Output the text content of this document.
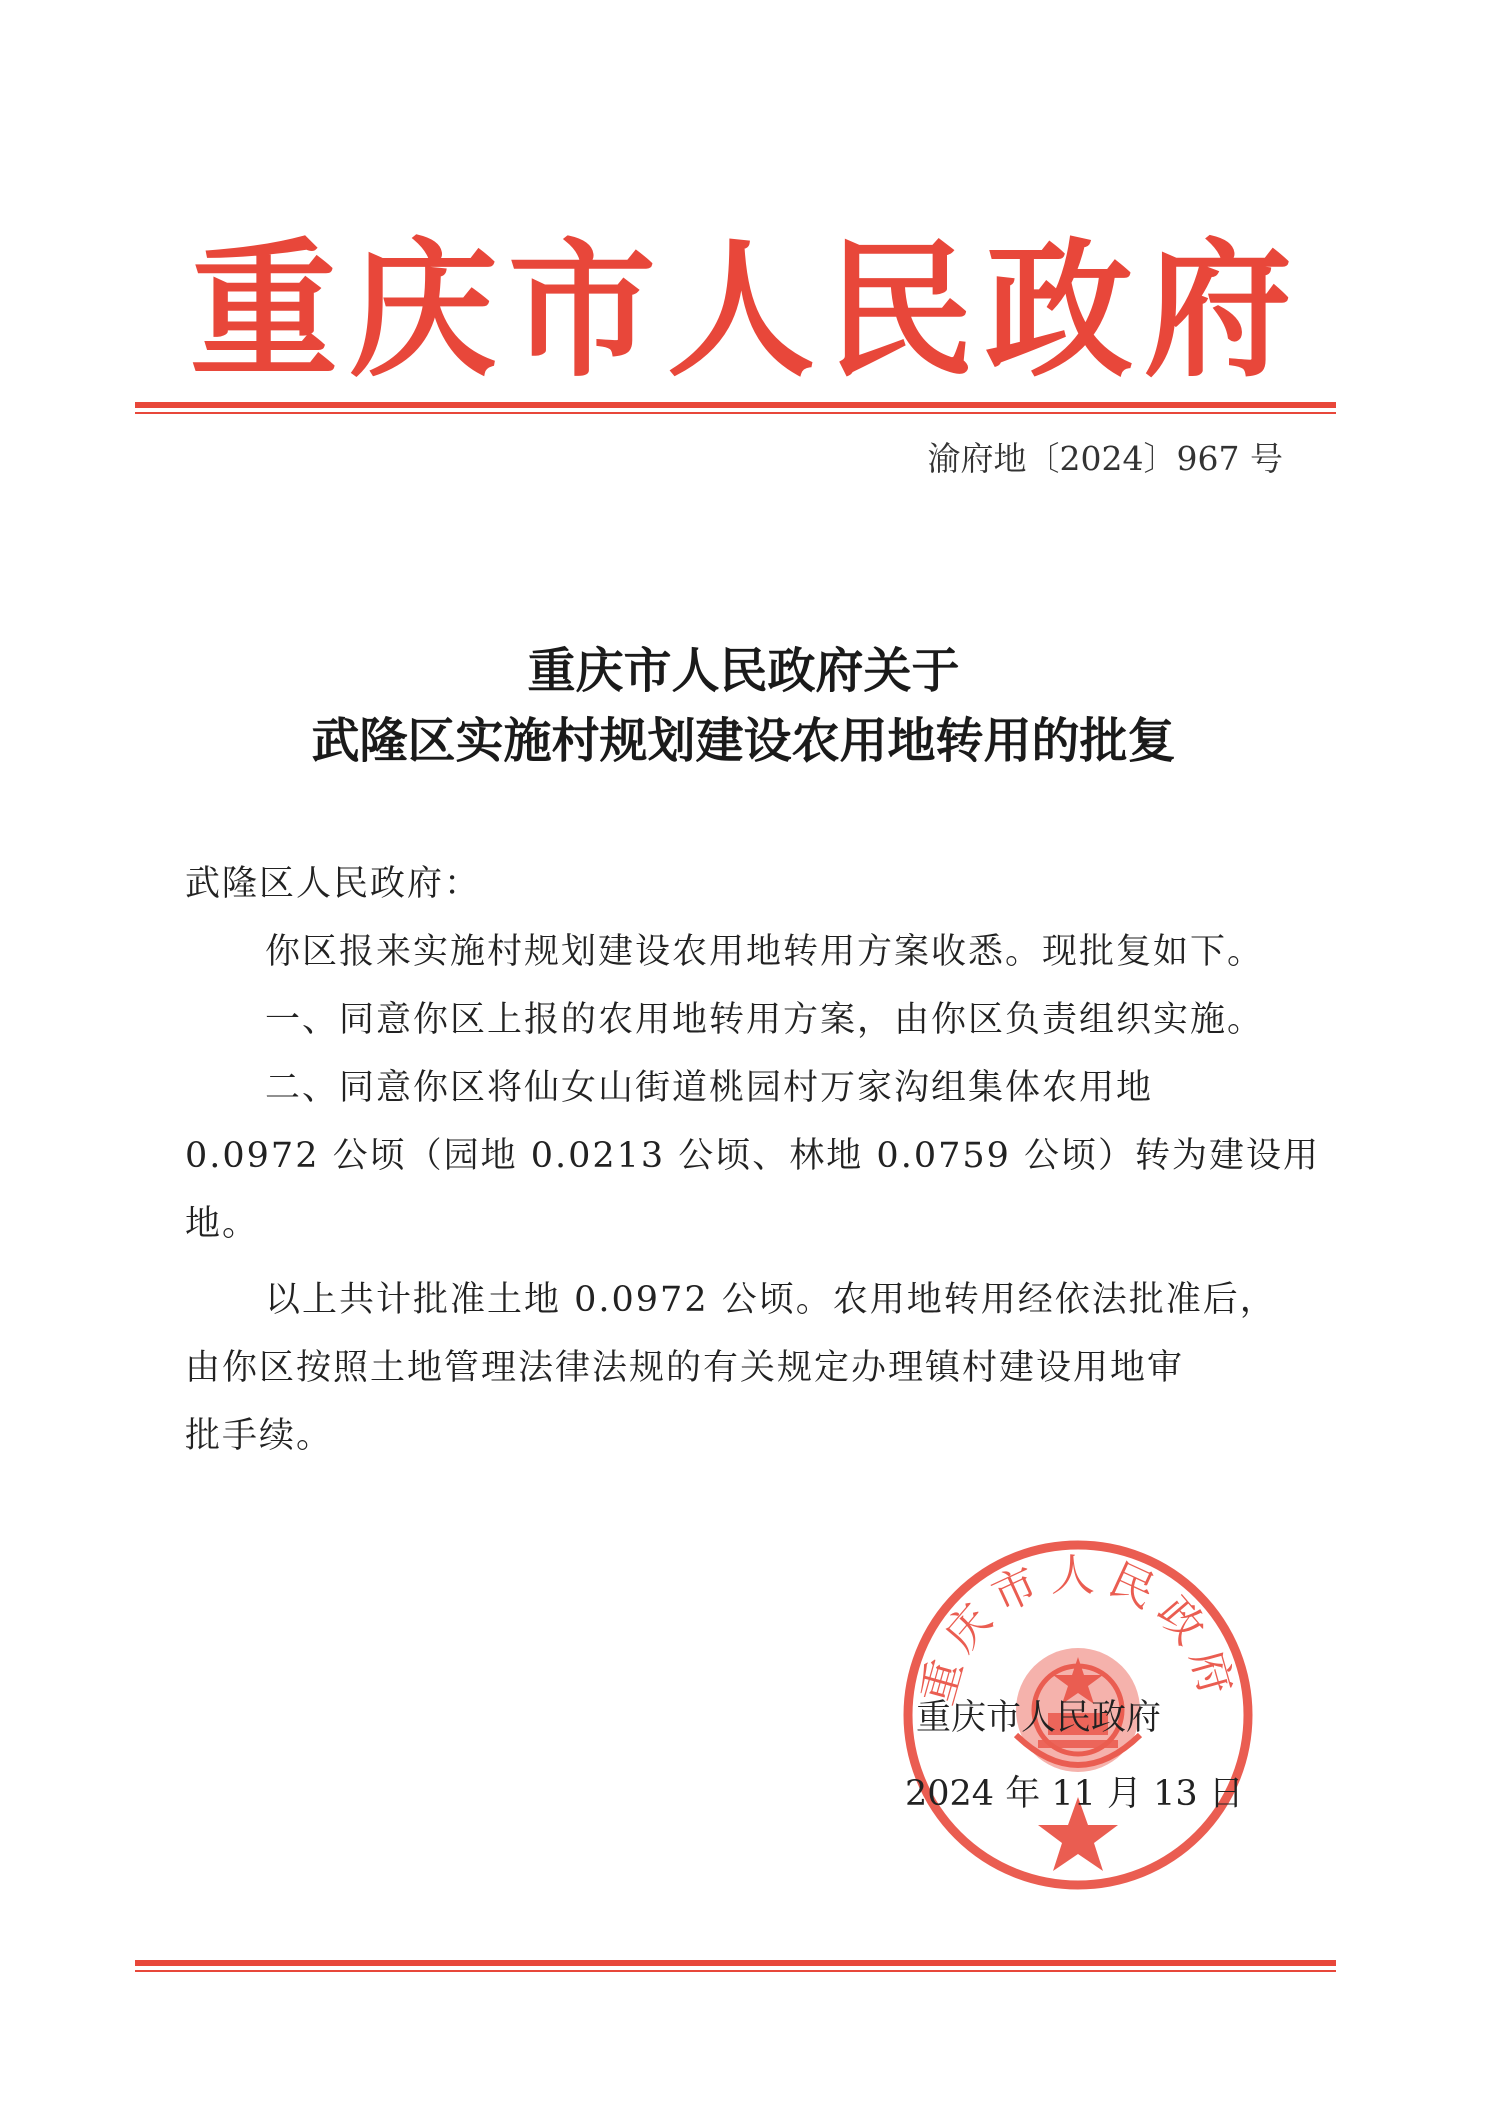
重 庆 市 人 民 政 府
渝府地〔2024〕967 号
重庆市人民政府关于
武隆区实施村规划建设农用地转用的批复
武隆区人民政府：
你区报来实施村规划建设农用地转用方案收悉。现批复如下。
一、同意你区上报的农用地转用方案，由你区负责组织实施。
二、同意你区将仙女山街道桃园村万家沟组集体农用地
0.0972 公顷（园地 0.0213 公顷、林地 0.0759 公顷）转为建设用
地。
以上共计批准土地 0.0972 公顷。农用地转用经依法批准后，
由你区按照土地管理法律法规的有关规定办理镇村建设用地审
批手续。
重庆市人民政府
重庆市人民政府
2024 年 11 月 13 日
